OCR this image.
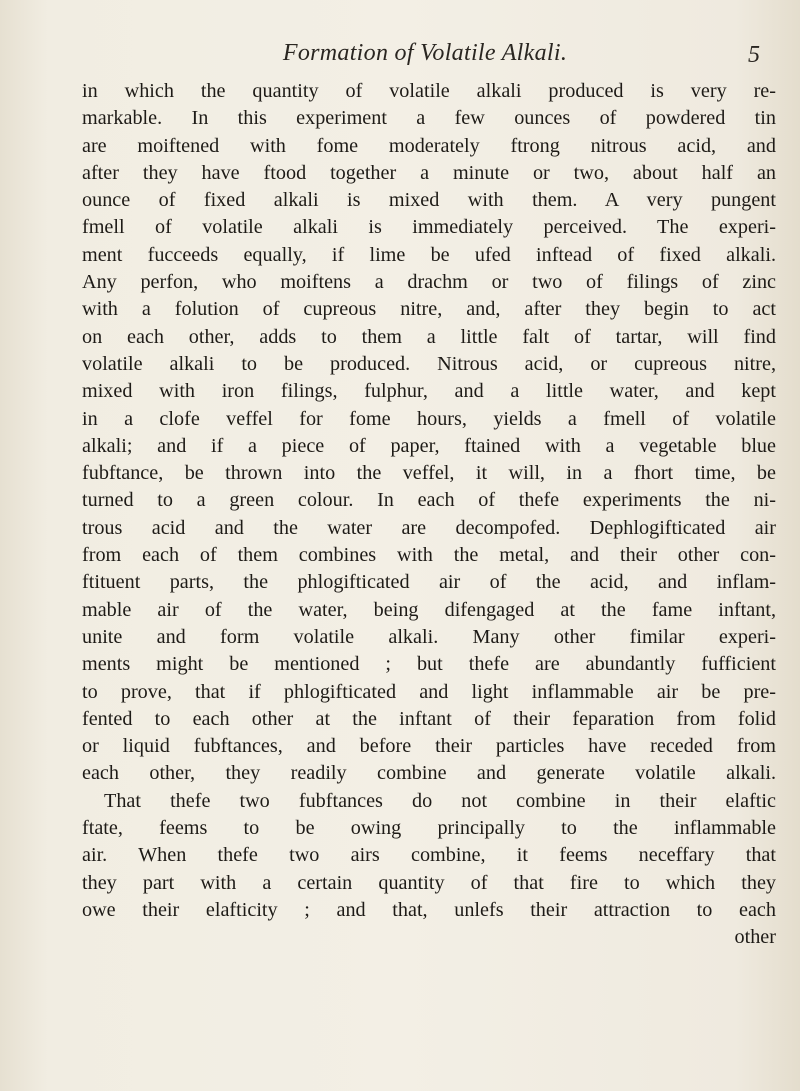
Formation of Volatile Alkali.	5
in which the quantity of volatile alkali produced is very re-
markable. In this experiment a few ounces of powdered tin
are moiftened with fome moderately ftrong nitrous acid, and
after they have ftood together a minute or two, about half an
ounce of fixed alkali is mixed with them. A very pungent
fmell of volatile alkali is immediately perceived. The experi-
ment fucceeds equally, if lime be ufed inftead of fixed alkali.
Any perfon, who moiftens a drachm or two of filings of zinc
with a folution of cupreous nitre, and, after they begin to act
on each other, adds to them a little falt of tartar, will find
volatile alkali to be produced. Nitrous acid, or cupreous nitre,
mixed with iron filings, fulphur, and a little water, and kept
in a clofe veffel for fome hours, yields a fmell of volatile
alkali; and if a piece of paper, ftained with a vegetable blue
fubftance, be thrown into the veffel, it will, in a fhort time, be
turned to a green colour. In each of thefe experiments the ni-
trous acid and the water are decompofed. Dephlogifticated air
from each of them combines with the metal, and their other con-
ftituent parts, the phlogifticated air of the acid, and inflam-
mable air of the water, being difengaged at the fame inftant,
unite and form volatile alkali. Many other fimilar experi-
ments might be mentioned ; but thefe are abundantly fufficient
to prove, that if phlogifticated and light inflammable air be pre-
fented to each other at the inftant of their feparation from folid
or liquid fubftances, and before their particles have receded from
each other, they readily combine and generate volatile alkali.
That thefe two fubftances do not combine in their elaftic
ftate, feems to be owing principally to the inflammable
air. When thefe two airs combine, it feems neceffary that
they part with a certain quantity of that fire to which they
owe their elafticity ; and that, unlefs their attraction to each
other
